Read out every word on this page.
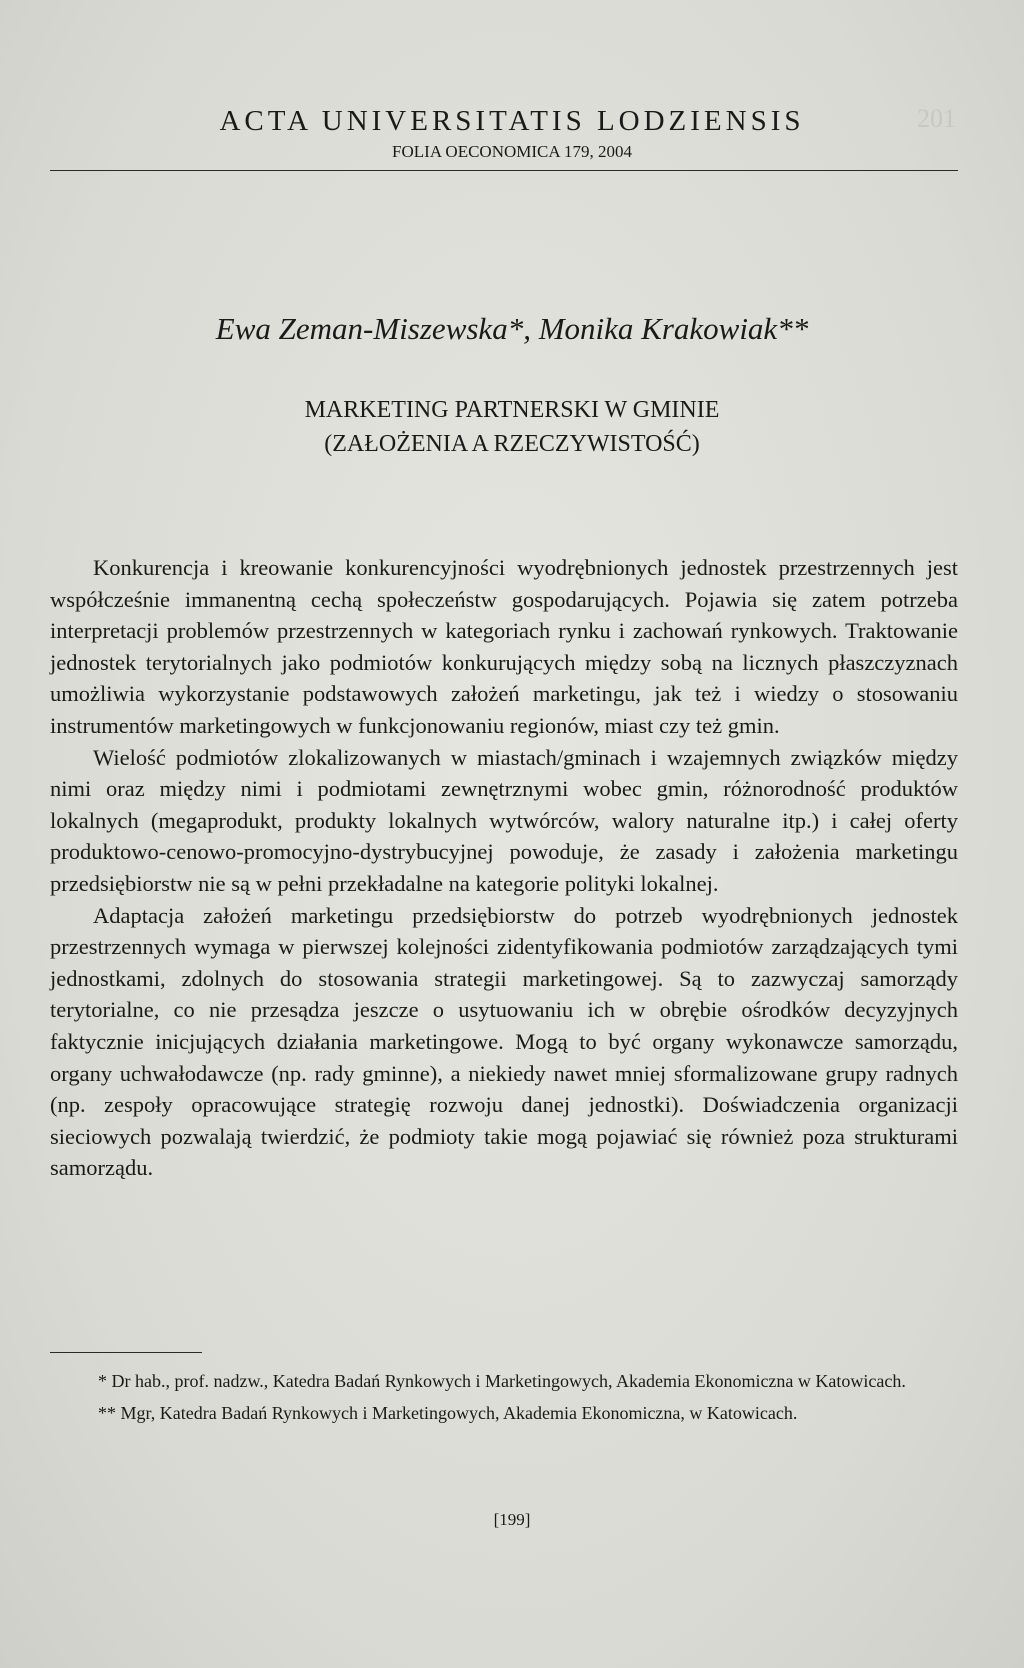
201
ACTA UNIVERSITATIS LODZIENSIS
FOLIA OECONOMICA 179, 2004
Ewa Zeman-Miszewska*, Monika Krakowiak**
MARKETING PARTNERSKI W GMINIE
(ZAŁOŻENIA A RZECZYWISTOŚĆ)

Konkurencja i kreowanie konkurencyjności wyodrębnionych jednostek przestrzennych jest współcześnie immanentną cechą społeczeństw gospodarujących. Pojawia się zatem potrzeba interpretacji problemów przestrzennych w kategoriach rynku i zachowań rynkowych. Traktowanie jednostek terytorialnych jako podmiotów konkurujących między sobą na licznych płaszczyznach umożliwia wykorzystanie podstawowych założeń marketingu, jak też i wiedzy o stosowaniu instrumentów marketingowych w funkcjonowaniu regionów, miast czy też gmin.

Wielość podmiotów zlokalizowanych w miastach/gminach i wzajemnych związków między nimi oraz między nimi i podmiotami zewnętrznymi wobec gmin, różnorodność produktów lokalnych (megaprodukt, produkty lokalnych wytwórców, walory naturalne itp.) i całej oferty produktowo-cenowo-promocyjno-dystrybucyjnej powoduje, że zasady i założenia marketingu przedsiębiorstw nie są w pełni przekładalne na kategorie polityki lokalnej.

Adaptacja założeń marketingu przedsiębiorstw do potrzeb wyodrębnionych jednostek przestrzennych wymaga w pierwszej kolejności zidentyfikowania podmiotów zarządzających tymi jednostkami, zdolnych do stosowania strategii marketingowej. Są to zazwyczaj samorządy terytorialne, co nie przesądza jeszcze o usytuowaniu ich w obrębie ośrodków decyzyjnych faktycznie inicjujących działania marketingowe. Mogą to być organy wykonawcze samorządu, organy uchwałodawcze (np. rady gminne), a niekiedy nawet mniej sformalizowane grupy radnych (np. zespoły opracowujące strategię rozwoju danej jednostki). Doświadczenia organizacji sieciowych pozwalają twierdzić, że podmioty takie mogą pojawiać się również poza strukturami samorządu.

* Dr hab., prof. nadzw., Katedra Badań Rynkowych i Marketingowych, Akademia Ekonomiczna w Katowicach.

** Mgr, Katedra Badań Rynkowych i Marketingowych, Akademia Ekonomiczna, w Katowicach.

[199]
